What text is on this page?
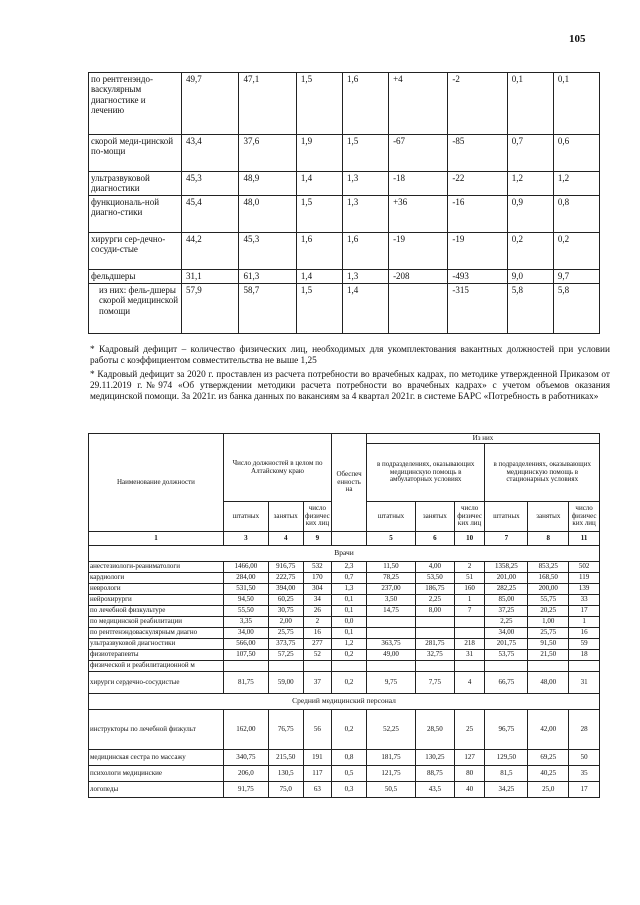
105
по рентгенэндо-васкулярным диагностике и лечению	49,7	47,1	1,5	1,6	+4	-2	0,1	0,1
скорой меди-цинской по-мощи	43,4	37,6	1,9	1,5	-67	-85	0,7	0,6
ультразвуковой диагностики	45,3	48,9	1,4	1,3	-18	-22	1,2	1,2
функциональ-ной диагно-стики	45,4	48,0	1,5	1,3	+36	-16	0,9	0,8
хирурги сер-дечно-сосуди-стые	44,2	45,3	1,6	1,6	-19	-19	0,2	0,2
фельдшеры	31,1	61,3	1,4	1,3	-208	-493	9,0	9,7
из них: фель-дшеры скорой медицинской помощи	57,9	58,7	1,5	1,4		-315	5,8	5,8
* Кадровый дефицит – количество физических лиц, необходимых для укомплектования вакантных должностей при условии работы с коэффициентом совместительства не выше 1,25
* Кадровый дефицит за 2020 г. проставлен из расчета потребности во врачебных кадрах, по методике утвержденной Приказом от 29.11.2019 г.№974 «Об утверждении методики расчета потребности во врачебных кадрах» с учетом объемов оказания медицинской помощи. За 2021г. из банка данных по вакансиям за 4 квартал 2021г. в системе БАРС «Потребность в работниках»
Наименование должности	Число должностей в целом по Алтайскому краю			Обеспеч енность на	Из них					
					в подразделениях, оказывающих медицинскую помощь в амбулаторных условиях			в подразделениях, оказывающих медицинскую помощь в стационарных условиях		
	штатных	занятых	число физичес ких лиц		штатных	занятых	число физичес ких лиц	штатных	занятых	число физичес ких лиц
1	3	4	9		5	6	10	7	8	11
Врачи										
анестезиологи-реаниматологи	1466,00	916,75	532	2,3	11,50	4,00	2	1358,25	853,25	502
кардиологи	284,00	222,75	170	0,7	78,25	53,50	51	201,00	168,50	119
неврологи	531,50	394,00	304	1,3	237,00	186,75	160	282,25	200,00	139
нейрохирурги	94,50	60,25	34	0,1	3,50	2,25	1	85,00	55,75	33
по лечебной физкультуре	55,50	30,75	26	0,1	14,75	8,00	7	37,25	20,25	17
по медицинской реабилитации	3,35	2,00	2	0,0				2,25	1,00	1
по рентгенэндоваскулярным диагно	34,00	25,75	16	0,1				34,00	25,75	16
ультразвуковой диагностики	566,00	373,75	277	1,2	363,75	281,75	218	201,75	91,50	59
физиотерапевты	107,50	57,25	52	0,2	49,00	32,75	31	53,75	21,50	18
физической и реабилитационной м										
хирурги сердечно-сосудистые	81,75	59,00	37	0,2	9,75	7,75	4	66,75	48,00	31
Средний медицинский персонал										
инструкторы по лечебной физкульт	162,00	76,75	56	0,2	52,25	28,50	25	96,75	42,00	28
медицинская сестра по массажу	340,75	215,50	191	0,8	181,75	130,25	127	129,50	69,25	50
психологи медицинские	206,0	130,5	117	0,5	121,75	88,75	80	81,5	40,25	35
логопеды	91,75	75,0	63	0,3	50,5	43,5	40	34,25	25,0	17
